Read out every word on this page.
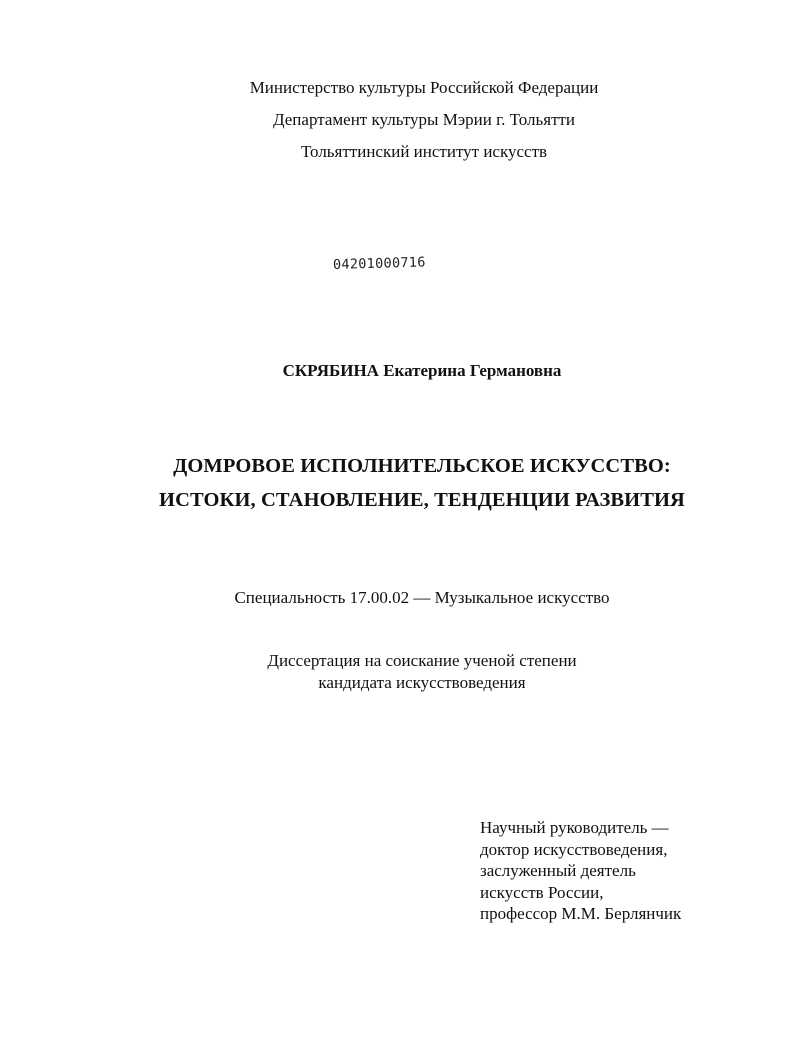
Министерство культуры Российской Федерации
Департамент культуры Мэрии г. Тольятти
Тольяттинский институт искусств
04201000716
СКРЯБИНА Екатерина Германовна
ДОМРОВОЕ ИСПОЛНИТЕЛЬСКОЕ ИСКУССТВО:
ИСТОКИ, СТАНОВЛЕНИЕ, ТЕНДЕНЦИИ РАЗВИТИЯ
Специальность 17.00.02 — Музыкальное искусство
Диссертация на соискание ученой степени
кандидата искусствоведения
Научный руководитель —
доктор искусствоведения,
заслуженный деятель
искусств России,
профессор М.М. Берлянчик
